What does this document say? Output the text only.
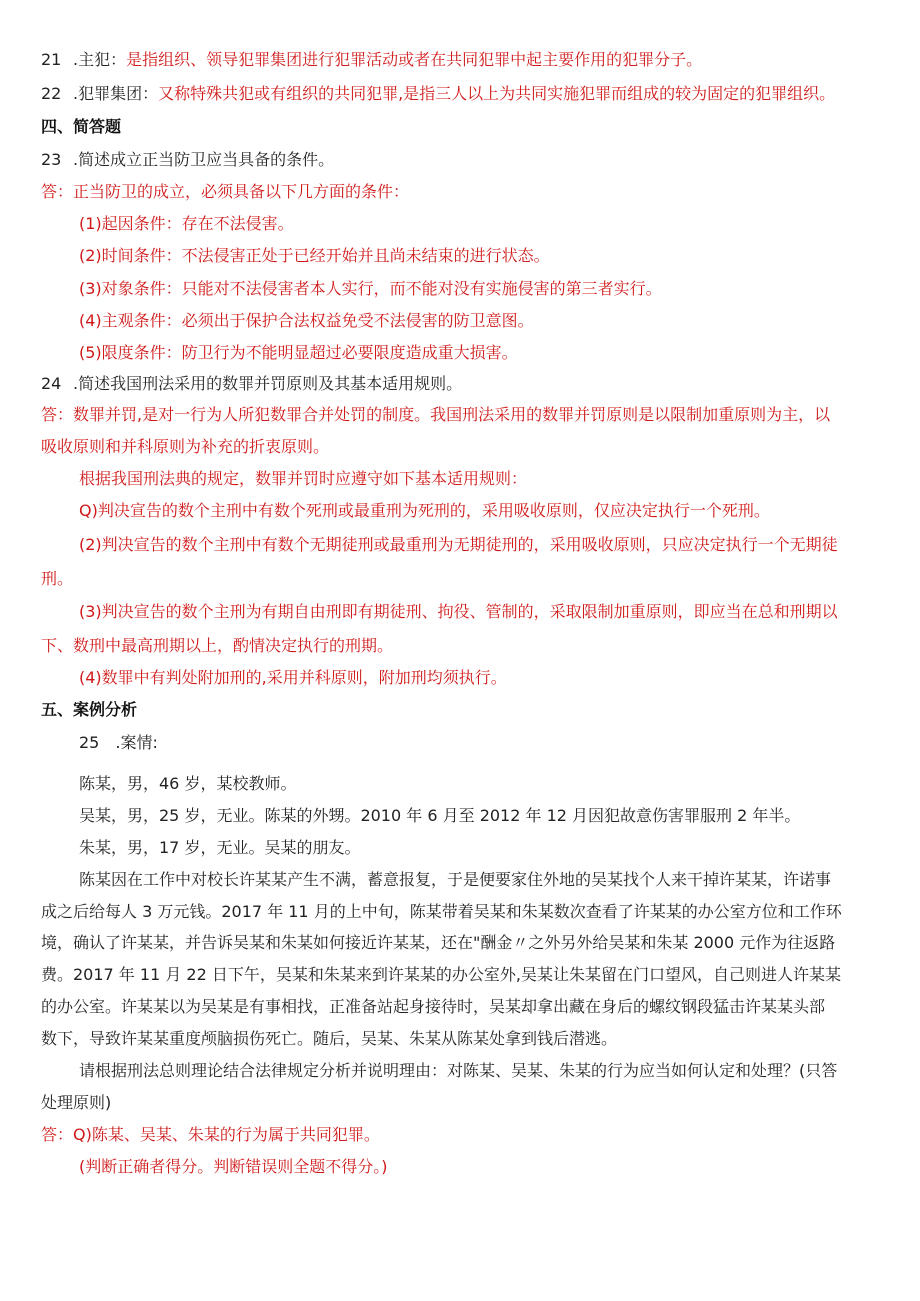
21 .主犯：是指组织、领导犯罪集团进行犯罪活动或者在共同犯罪中起主要作用的犯罪分子。
22 .犯罪集团：又称特殊共犯或有组织的共同犯罪,是指三人以上为共同实施犯罪而组成的较为固定的犯罪组织。
四、简答题
23 .简述成立正当防卫应当具备的条件。
答：正当防卫的成立，必须具备以下几方面的条件：
(1)起因条件：存在不法侵害。
(2)时间条件：不法侵害正处于已经开始并且尚未结束的进行状态。
(3)对象条件：只能对不法侵害者本人实行，而不能对没有实施侵害的第三者实行。
(4)主观条件：必须出于保护合法权益免受不法侵害的防卫意图。
(5)限度条件：防卫行为不能明显超过必要限度造成重大损害。
24 .简述我国刑法采用的数罪并罚原则及其基本适用规则。
答：数罪并罚,是对一行为人所犯数罪合并处罚的制度。我国刑法采用的数罪并罚原则是以限制加重原则为主，以
吸收原则和并科原则为补充的折衷原则。
根据我国刑法典的规定，数罪并罚时应遵守如下基本适用规则：
Q)判决宣告的数个主刑中有数个死刑或最重刑为死刑的，采用吸收原则，仅应决定执行一个死刑。
(2)判决宣告的数个主刑中有数个无期徒刑或最重刑为无期徒刑的，采用吸收原则，只应决定执行一个无期徒
刑。
(3)判决宣告的数个主刑为有期自由刑即有期徒刑、拘役、管制的，采取限制加重原则，即应当在总和刑期以
下、数刑中最高刑期以上，酌情决定执行的刑期。
(4)数罪中有判处附加刑的,采用并科原则，附加刑均须执行。
五、案例分析
25　.案情:
陈某，男，46 岁，某校教师。
吴某，男，25 岁，无业。陈某的外甥。2010 年 6 月至 2012 年 12 月因犯故意伤害罪服刑 2 年半。
朱某，男，17 岁，无业。吴某的朋友。
陈某因在工作中对校长许某某产生不满，蓄意报复，于是便要家住外地的吴某找个人来干掉许某某，许诺事
成之后给每人 3 万元钱。2017 年 11 月的上中旬，陈某带着吴某和朱某数次查看了许某某的办公室方位和工作环
境，确认了许某某，并告诉吴某和朱某如何接近许某某，还在"酬金〃之外另外给吴某和朱某 2000 元作为往返路
费。2017 年 11 月 22 日下午，吴某和朱某来到许某某的办公室外,吴某让朱某留在门口望风，自己则进人许某某
的办公室。许某某以为吴某是有事相找，正准备站起身接待时，吴某却拿出藏在身后的螺纹钢段猛击许某某头部
数下，导致许某某重度颅脑损伤死亡。随后，吴某、朱某从陈某处拿到钱后潜逃。
请根据刑法总则理论结合法律规定分析并说明理由：对陈某、吴某、朱某的行为应当如何认定和处理？(只答
处理原则)
答：Q)陈某、吴某、朱某的行为属于共同犯罪。
(判断正确者得分。判断错误则全题不得分。)
